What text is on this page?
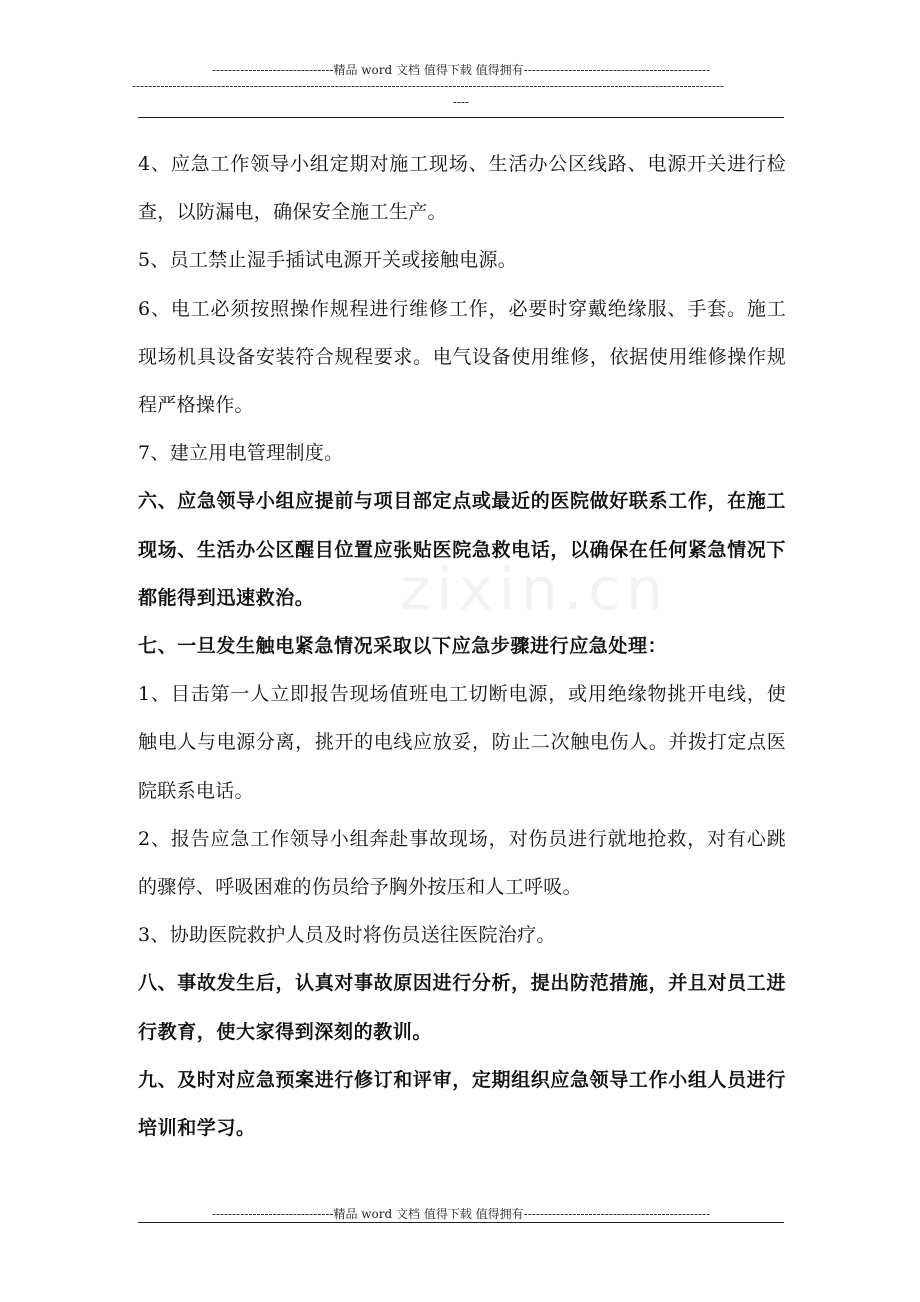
------------------------------精品 word 文档 值得下载 值得拥有----------------------------------------------
--------------------------------------------------------------------------------------------------------------------------------------------------
----
zixin.cn

4、应急工作领导小组定期对施工现场、生活办公区线路、电源开关进行检查，以防漏电，确保安全施工生产。

5、员工禁止湿手插试电源开关或接触电源。

6、电工必须按照操作规程进行维修工作，必要时穿戴绝缘服、手套。施工现场机具设备安装符合规程要求。电气设备使用维修，依据使用维修操作规程严格操作。

7、建立用电管理制度。

六、应急领导小组应提前与项目部定点或最近的医院做好联系工作，在施工现场、生活办公区醒目位置应张贴医院急救电话，以确保在任何紧急情况下都能得到迅速救治。

七、一旦发生触电紧急情况采取以下应急步骤进行应急处理：

1、目击第一人立即报告现场值班电工切断电源，或用绝缘物挑开电线，使触电人与电源分离，挑开的电线应放妥，防止二次触电伤人。并拨打定点医院联系电话。

2、报告应急工作领导小组奔赴事故现场，对伤员进行就地抢救，对有心跳的骤停、呼吸困难的伤员给予胸外按压和人工呼吸。

3、协助医院救护人员及时将伤员送往医院治疗。

八、事故发生后，认真对事故原因进行分析，提出防范措施，并且对员工进行教育，使大家得到深刻的教训。

九、及时对应急预案进行修订和评审，定期组织应急领导工作小组人员进行培训和学习。

------------------------------精品 word 文档 值得下载 值得拥有----------------------------------------------
